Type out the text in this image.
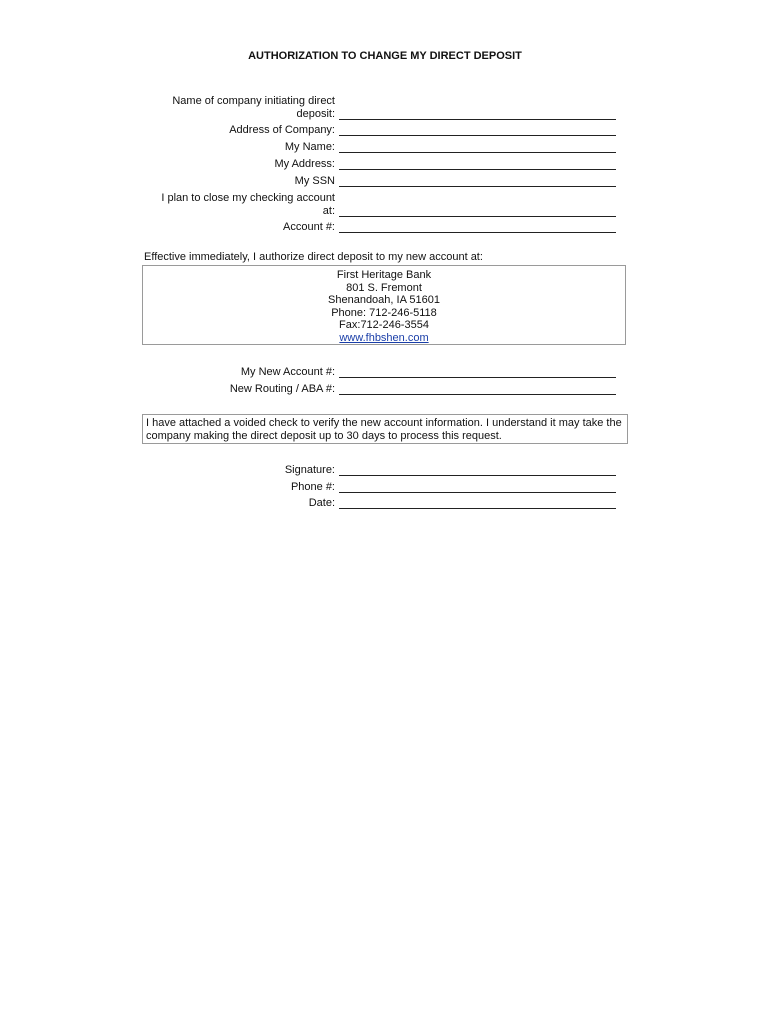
AUTHORIZATION TO CHANGE MY DIRECT DEPOSIT
Name of company initiating direct
deposit:
Address of Company:
My Name:
My Address:
My SSN
I plan to close my checking account
at:
Account #:
Effective immediately, I authorize direct deposit to my new account at:
First Heritage Bank
801 S. Fremont
Shenandoah, IA 51601
Phone: 712-246-5118
Fax:712-246-3554
www.fhbshen.com
My New Account #:
New Routing / ABA #:
I have attached a voided check to verify the new account information. I understand it may take the company making the direct deposit up to 30 days to process this request.
Signature:
Phone #:
Date:
